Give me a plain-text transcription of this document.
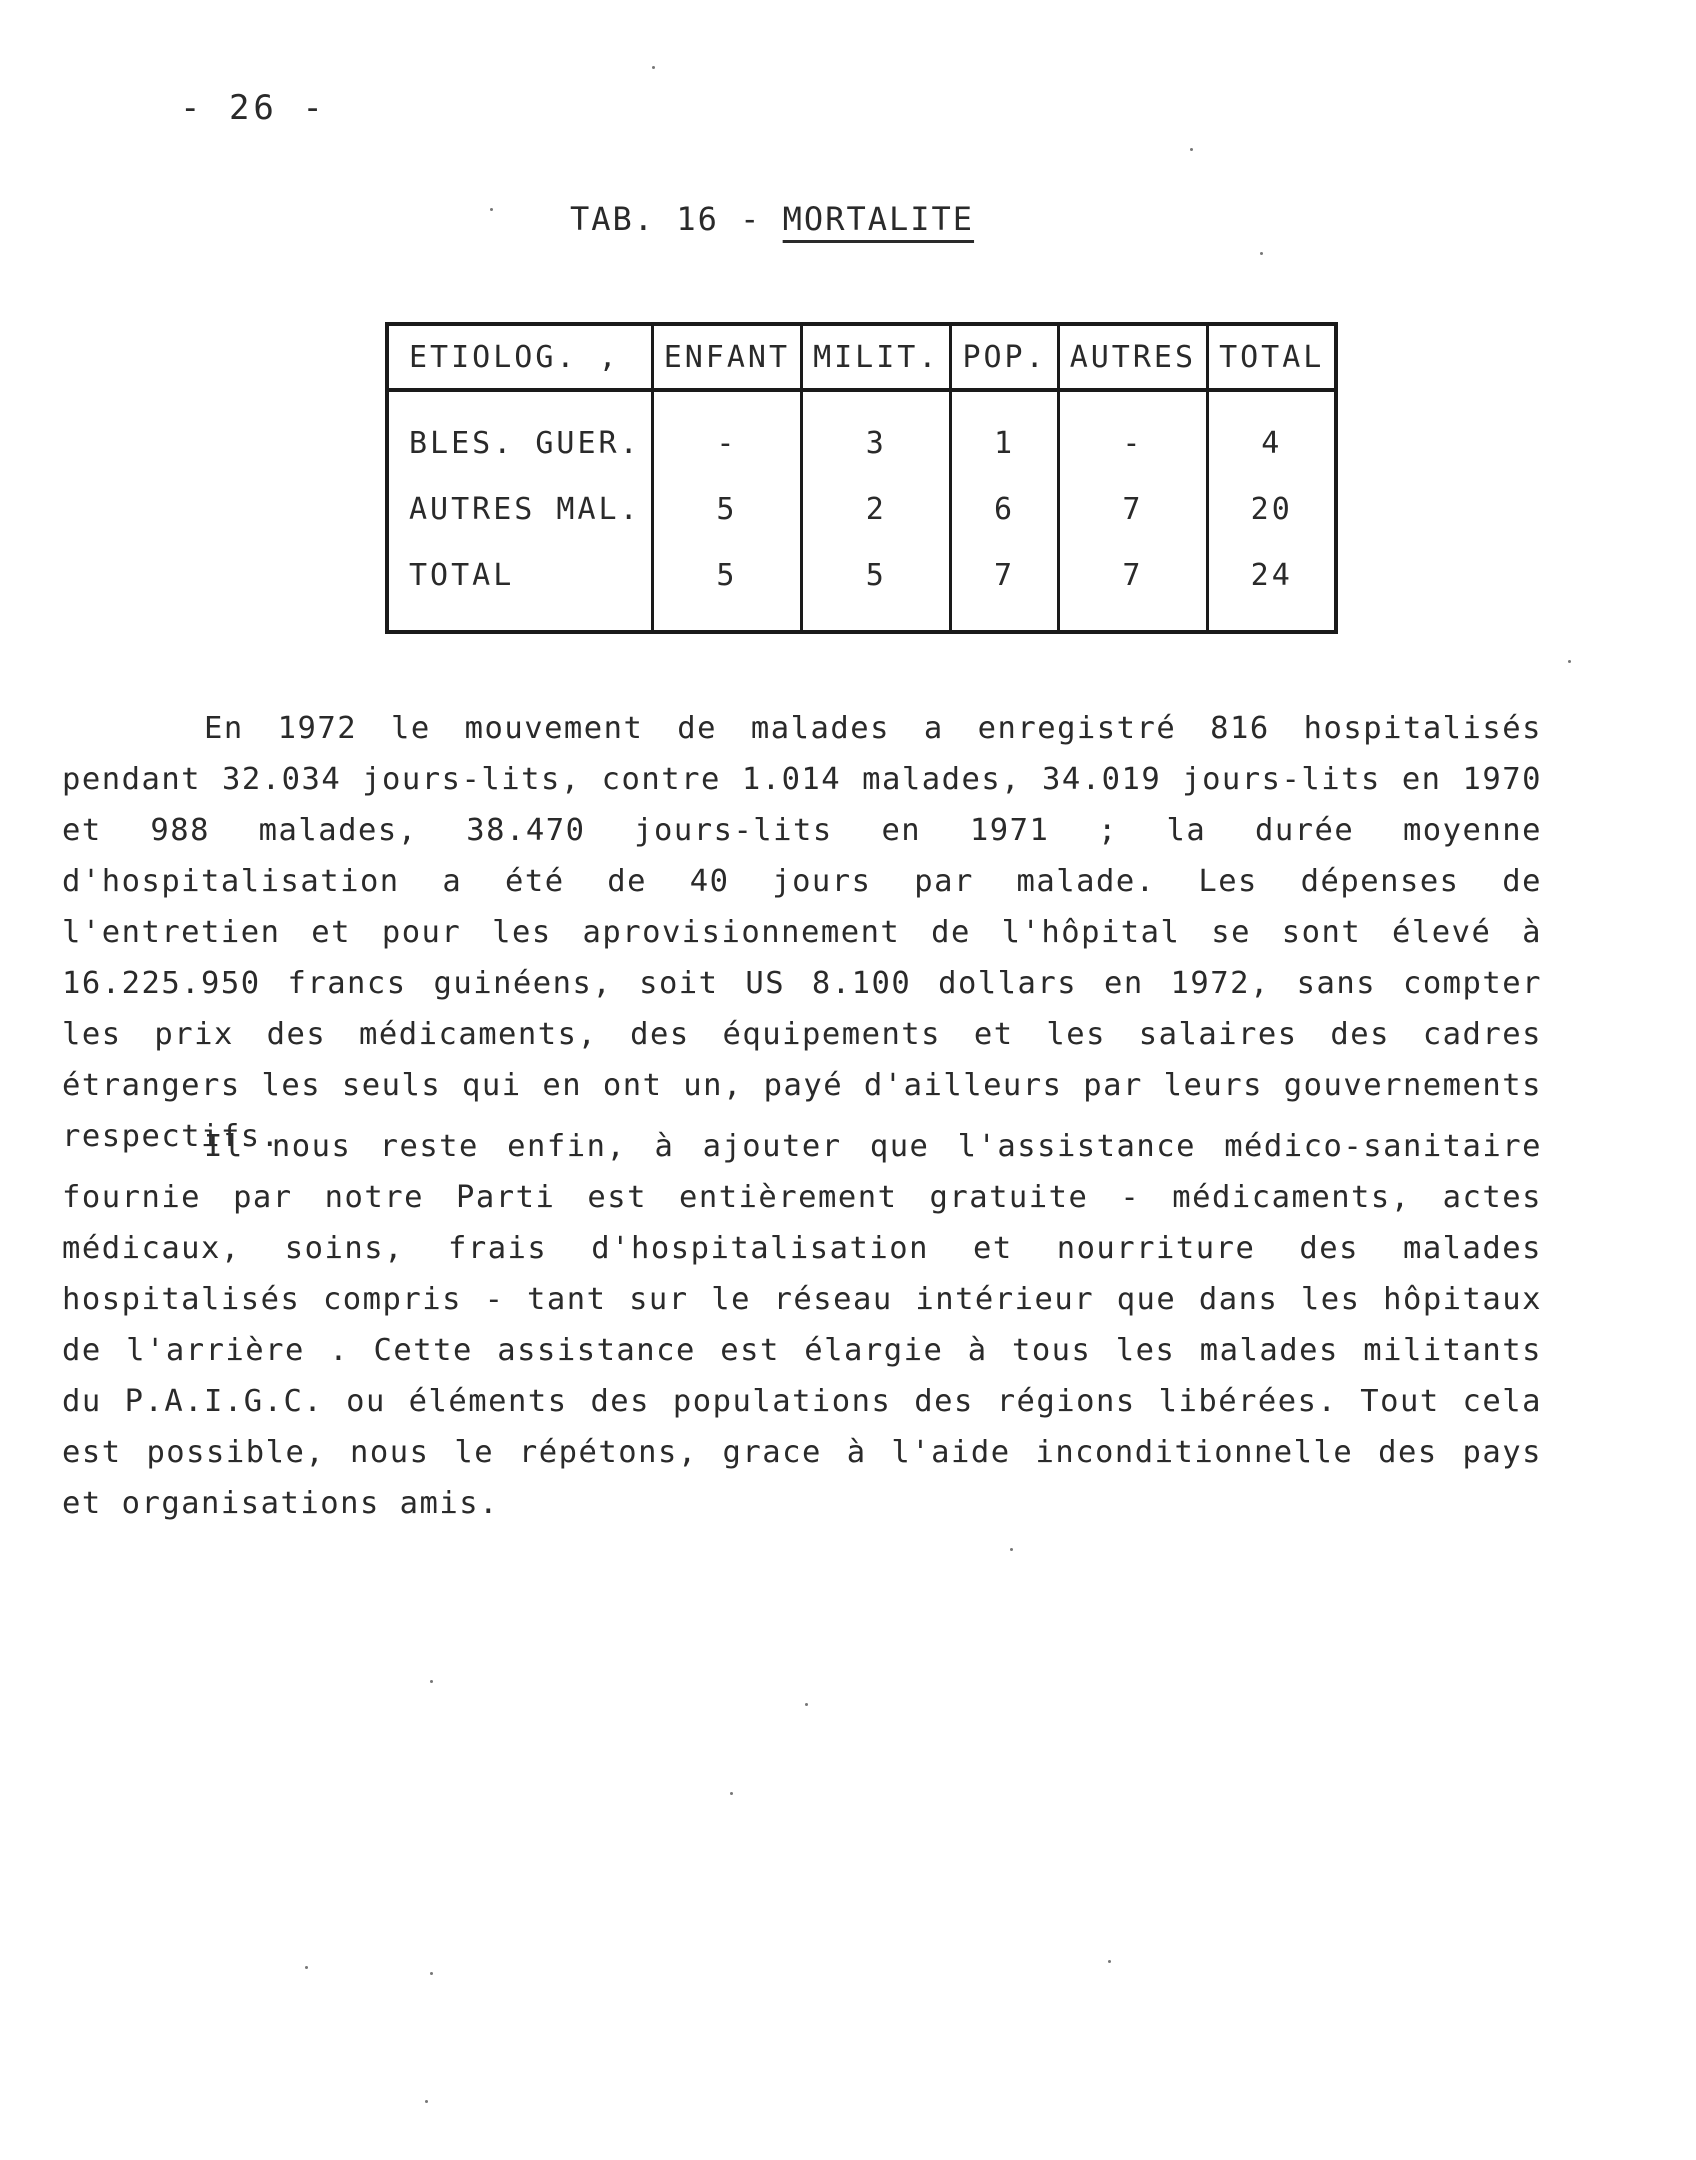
- 26 -
TAB. 16 - MORTALITE
ETIOLOG. ,	ENFANT	MILIT.	POP.	AUTRES	TOTAL
BLES. GUER.	-	3	1	-	4
AUTRES MAL.	5	2	6	7	20
TOTAL	5	5	7	7	24

En 1972 le mouvement de malades a enregistré 816 hospitalisés pendant 32.034 jours-lits, contre 1.014 malades, 34.019 jours-lits en 1970 et 988 malades, 38.470 jours-lits en 1971 ; la durée moyenne d'hospitalisation a été de 40 jours par malade. Les dépenses de l'entretien et pour les aprovisionnement de l'hôpital se sont élevé à 16.225.950 francs guinéens, soit US 8.100 dollars en 1972, sans compter les prix des médicaments, des équipements et les salaires des cadres étrangers les seuls qui en ont un, payé d'ailleurs par leurs gouvernements respectifs.

Il nous reste enfin, à ajouter que l'assistance médico-sanitaire fournie par notre Parti est entièrement gratuite - médicaments, actes médicaux, soins, frais d'hospitalisation et nourriture des malades hospitalisés compris - tant sur le réseau intérieur que dans les hôpitaux de l'arrière . Cette assistance est élargie à tous les malades militants du P.A.I.G.C. ou éléments des populations des régions libérées. Tout cela est possible, nous le répétons, grace à l'aide inconditionnelle des pays et organisations amis.
